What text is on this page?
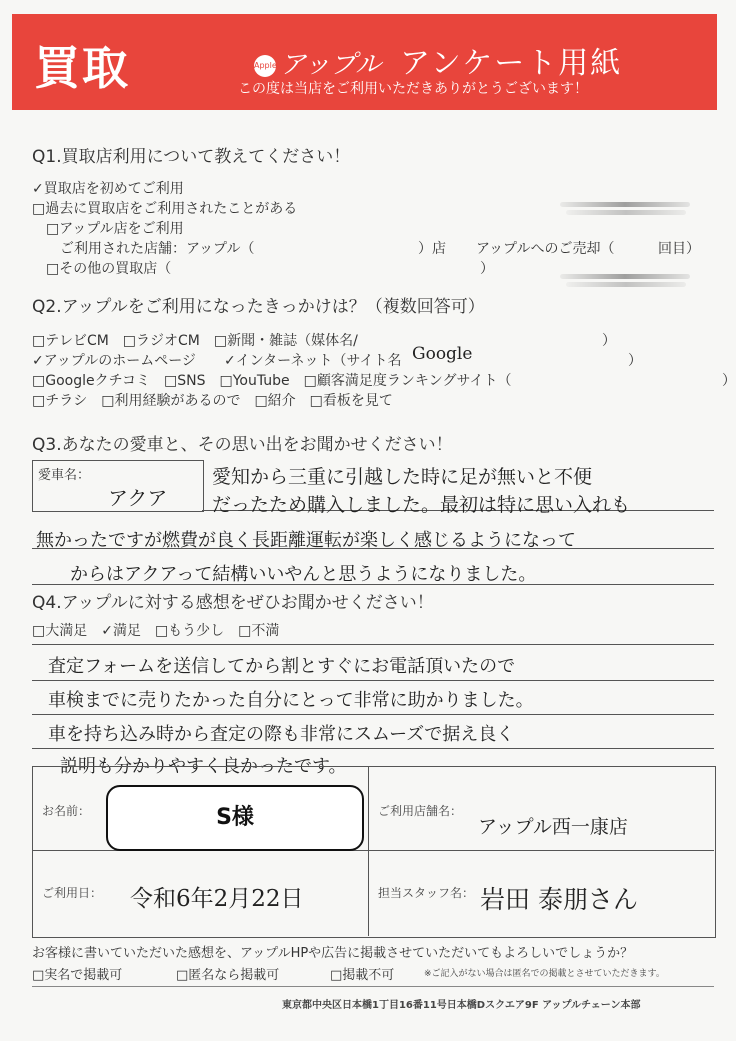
買取	Apple アップル アンケート用紙
この度は当店をご利用いただきありがとうございます！
Q1.買取店利用について教えてください！
✓買取店を初めてご利用
□過去に買取店をご利用されたことがある
□アップル店をご利用
ご利用された店舗：アップル（	）店 アップルへのご売却（	回目）
□その他の買取店（	）
Q2.アップルをご利用になったきっかけは？（複数回答可）
□テレビCM　□ラジオCM　□新聞・雑誌（媒体名/	）
✓アップルのホームページ ✓インターネット（サイト名 Google	）
□Googleクチコミ　□SNS　□YouTube　□顧客満足度ランキングサイト（	）
□チラシ　□利用経験があるので　□紹介　□看板を見て
Q3.あなたの愛車と、その思い出をお聞かせください！
愛車名：
アクア
愛知から三重に引越した時に足が無いと不便
だったため購入しました。最初は特に思い入れも
無かったですが燃費が良く長距離運転が楽しく感じるようになって
からはアクアって結構いいやんと思うようになりました。
Q4.アップルに対する感想をぜひお聞かせください！
□大満足　✓満足　□もう少し　□不満
査定フォームを送信してから割とすぐにお電話頂いたので
車検までに売りたかった自分にとって非常に助かりました。
車を持ち込み時から査定の際も非常にスムーズで据え良く
説明も分かりやすく良かったです。
お名前：	S様	ご利用店舗名：
アップル西一康店
ご利用日： 令和6年2月22日	担当スタッフ名： 岩田 泰朋さん
お客様に書いていただいた感想を、アップルHPや広告に掲載させていただいてもよろしいでしょうか？
□実名で掲載可	□匿名なら掲載可	□掲載不可	※ご記入がない場合は匿名での掲載とさせていただきます。
東京都中央区日本橋1丁目16番11号日本橋Dスクエア9F アップルチェーン本部
